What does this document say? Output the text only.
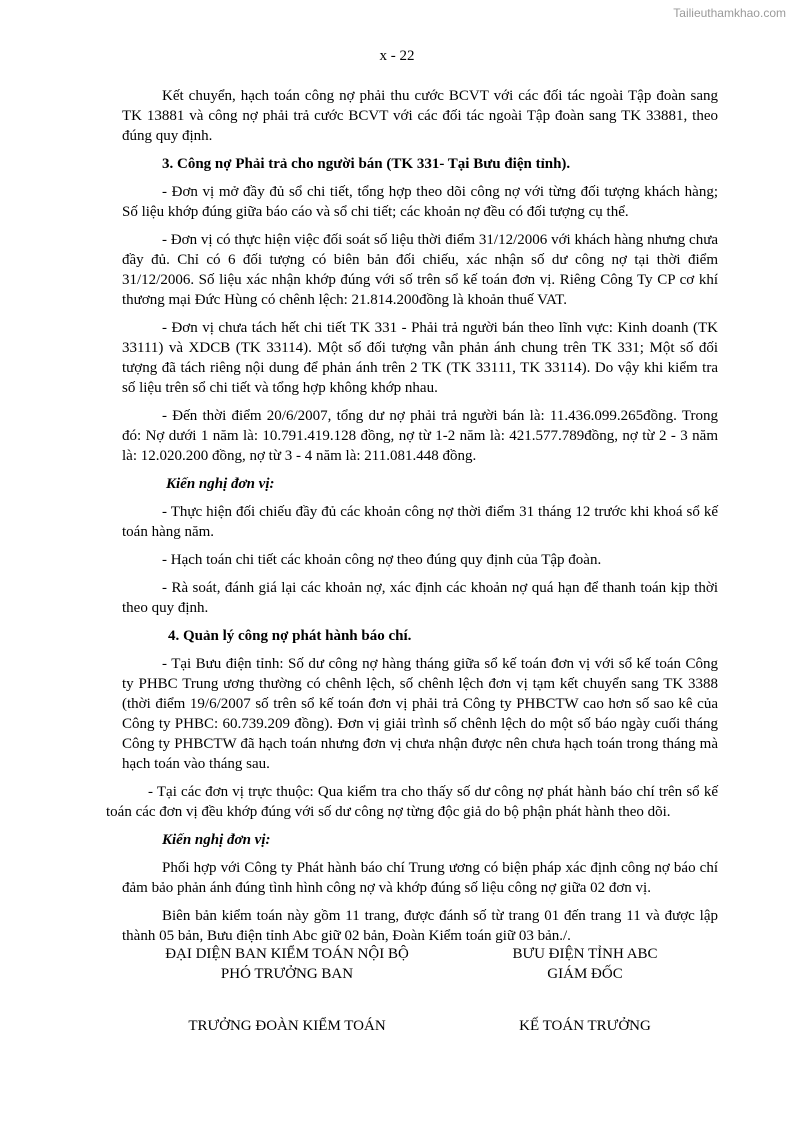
Tailieuthamkhao.com
x - 22

Kết chuyển, hạch toán công nợ phải thu cước BCVT với các đối tác ngoài Tập đoàn sang TK 13881 và công nợ phải trả cước BCVT với các đối tác ngoài Tập đoàn sang TK 33881, theo đúng quy định.

3. Công nợ Phải trả cho người bán (TK 331- Tại Bưu điện tỉnh).

- Đơn vị mở đầy đủ sổ chi tiết, tổng hợp theo dõi công nợ với từng đối tượng khách hàng; Số liệu khớp đúng giữa báo cáo và sổ chi tiết; các khoản nợ đều có đối tượng cụ thể.

- Đơn vị có thực hiện việc đối soát số liệu thời điểm 31/12/2006 với khách hàng nhưng chưa đầy đủ. Chỉ có 6 đối tượng có biên bản đối chiếu, xác nhận số dư công nợ tại thời điểm 31/12/2006. Số liệu xác nhận khớp đúng với số trên sổ kế toán đơn vị. Riêng Công Ty CP cơ khí thương mại Đức Hùng có chênh lệch: 21.814.200đồng là khoản thuế VAT.

- Đơn vị chưa tách hết chi tiết TK 331 - Phải trả người bán theo lĩnh vực: Kinh doanh (TK 33111) và XDCB (TK 33114). Một số đối tượng vẫn phản ánh chung trên TK 331; Một số đối tượng đã tách riêng nội dung để phản ánh trên 2 TK (TK 33111, TK 33114). Do vậy khi kiểm tra số liệu trên sổ chi tiết và tổng hợp không khớp nhau.

- Đến thời điểm 20/6/2007, tổng dư nợ phải trả người bán là: 11.436.099.265đồng. Trong đó: Nợ dưới 1 năm là: 10.791.419.128 đồng, nợ từ 1-2 năm là: 421.577.789đồng, nợ từ 2 - 3 năm là: 12.020.200 đồng, nợ từ 3 - 4 năm là: 211.081.448 đồng.

Kiến nghị đơn vị:

- Thực hiện đối chiếu đầy đủ các khoản công nợ thời điểm 31 tháng 12 trước khi khoá sổ kế toán hàng năm.

- Hạch toán chi tiết các khoản công nợ theo đúng quy định của Tập đoàn.

- Rà soát, đánh giá lại các khoản nợ, xác định các khoản nợ quá hạn để thanh toán kịp thời theo quy định.

4. Quản lý công nợ phát hành báo chí.

- Tại Bưu điện tỉnh: Số dư công nợ hàng tháng giữa sổ kế toán đơn vị với sổ kế toán Công ty PHBC Trung ương thường có chênh lệch, số chênh lệch đơn vị tạm kết chuyển sang TK 3388 (thời điểm 19/6/2007 số trên sổ kế toán đơn vị phải trả Công ty PHBCTW cao hơn số sao kê của Công ty PHBC: 60.739.209 đồng). Đơn vị giải trình số chênh lệch do một số báo ngày cuối tháng Công ty PHBCTW đã hạch toán nhưng đơn vị chưa nhận được nên chưa hạch toán trong tháng mà hạch toán vào tháng sau.

- Tại các đơn vị trực thuộc: Qua kiểm tra cho thấy số dư công nợ phát hành báo chí trên sổ kế toán các đơn vị đều khớp đúng với số dư công nợ từng độc giả do bộ phận phát hành theo dõi.

Kiến nghị đơn vị:

Phối hợp với Công ty Phát hành báo chí Trung ương có biện pháp xác định công nợ báo chí đảm bảo phản ánh đúng tình hình công nợ và khớp đúng số liệu công nợ giữa 02 đơn vị.

Biên bản kiểm toán này gồm 11 trang, được đánh số từ trang 01 đến trang 11 và được lập thành 05 bản, Bưu điện tỉnh Abc giữ 02 bản, Đoàn Kiểm toán giữ 03 bản./.

ĐẠI DIỆN BAN KIỂM TOÁN NỘI BỘ
PHÓ TRƯỞNG BAN
BƯU ĐIỆN TỈNH ABC
GIÁM ĐỐC
TRƯỞNG ĐOÀN KIỂM TOÁN	KẾ TOÁN TRƯỞNG
